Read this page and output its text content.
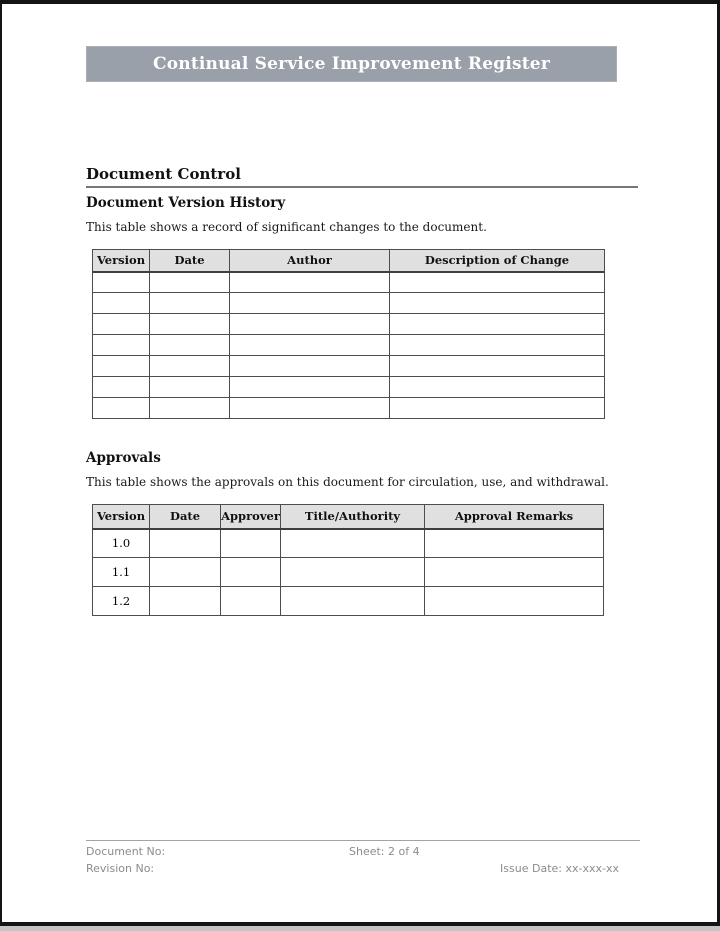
Continual Service Improvement Register
Document Control
Document Version History

This table shows a record of significant changes to the document.

Version	Date	Author	Description of Change

Approvals

This table shows the approvals on this document for circulation, use, and withdrawal.

Version	Date	Approver	Title/Authority	Approval Remarks
1.0				
1.1				
1.2				
Document No:	Sheet: 2 of 4
Revision No:	Issue Date: xx-xxx-xx
